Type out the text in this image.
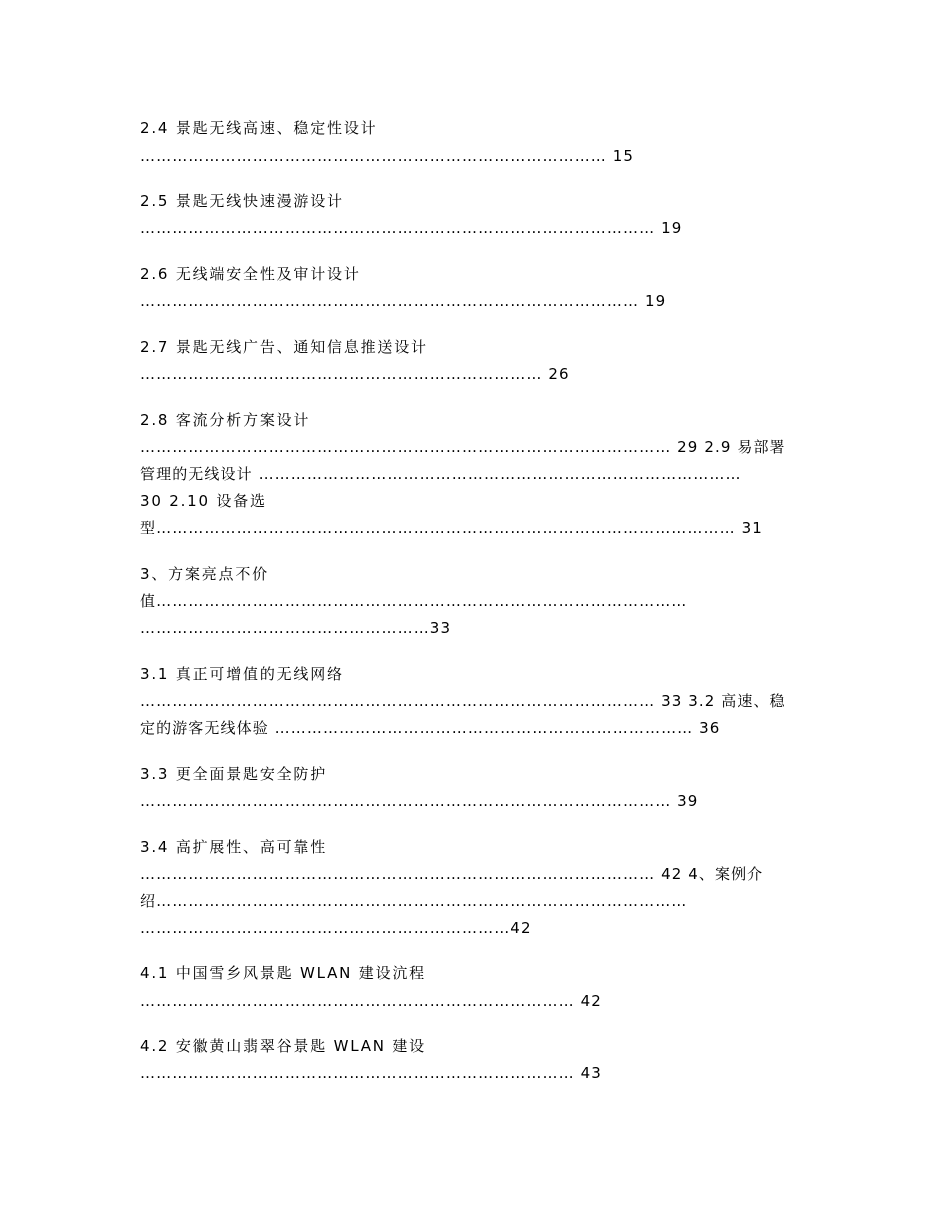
2.4 景匙无线高速、稳定性设计

…………………………………………………………………………… 15

2.5 景匙无线快速漫游设计

…………………………………………………………………………………… 19

2.6 无线端安全性及审计设计

………………………………………………………………………………… 19

2.7 景匙无线广告、通知信息推送设计

………………………………………………………………… 26

2.8 客流分析方案设计

……………………………………………………………………………………… 29 2.9 易部署

管理的无线设计 ………………………………………………………………………………

30 2.10 设备选

型……………………………………………………………………………………………… 31

3、方案亮点不价

值………………………………………………………………………………………

………………………………………………33

3.1 真正可增值的无线网络

…………………………………………………………………………………… 33 3.2 高速、稳

定的游客无线体验 …………………………………………………………………… 36

3.3 更全面景匙安全防护

……………………………………………………………………………………… 39

3.4 高扩展性、高可靠性

…………………………………………………………………………………… 42 4、案例介

绍………………………………………………………………………………………

……………………………………………………………42

4.1 中国雪乡风景匙 WLAN 建设沆程

……………………………………………………………………… 42

4.2 安徽黄山翡翠谷景匙 WLAN 建设

……………………………………………………………………… 43
